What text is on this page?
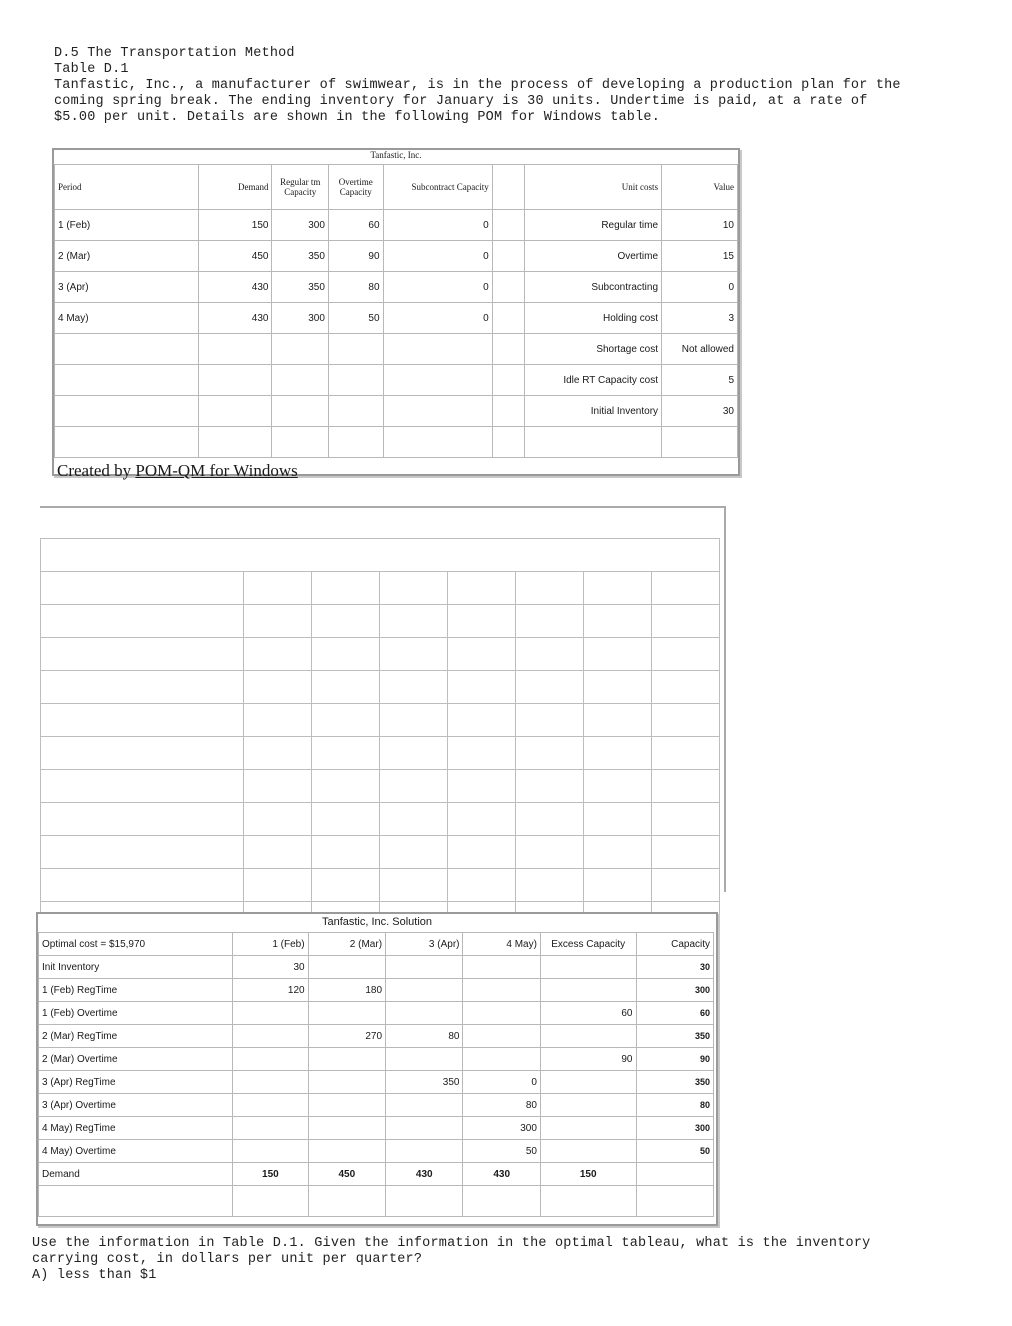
D.5 The Transportation Method
Table D.1
Tanfastic, Inc., a manufacturer of swimwear, is in the process of developing a production plan for the
coming spring break. The ending inventory for January is 30 units. Undertime is paid, at a rate of
$5.00 per unit. Details are shown in the following POM for Windows table.
Tanfastic, Inc.
Period	Demand	Regular tm Capacity	Overtime Capacity	Subcontract Capacity		Unit costs	Value
1 (Feb)	150	300	60	0		Regular time	10
2 (Mar)	450	350	90	0		Overtime	15
3 (Apr)	430	350	80	0		Subcontracting	0
4 May)	430	300	50	0		Holding cost	3
						Shortage cost	Not allowed
						Idle RT Capacity cost	5
						Initial Inventory	30

Created by POM-QM for Windows

Tanfastic, Inc. Solution
Optimal cost = $15,970	1 (Feb)	2 (Mar)	3 (Apr)	4 May)	Excess Capacity	Capacity
Init Inventory	30					30
1 (Feb) RegTime	120	180				300
1 (Feb) Overtime					60	60
2 (Mar) RegTime		270	80			350
2 (Mar) Overtime					90	90
3 (Apr) RegTime			350	0		350
3 (Apr) Overtime				80		80
4 May) RegTime				300		300
4 May) Overtime				50		50
Demand	150	450	430	430	150	

Use the information in Table D.1. Given the information in the optimal tableau, what is the inventory
carrying cost, in dollars per unit per quarter?
A) less than $1
